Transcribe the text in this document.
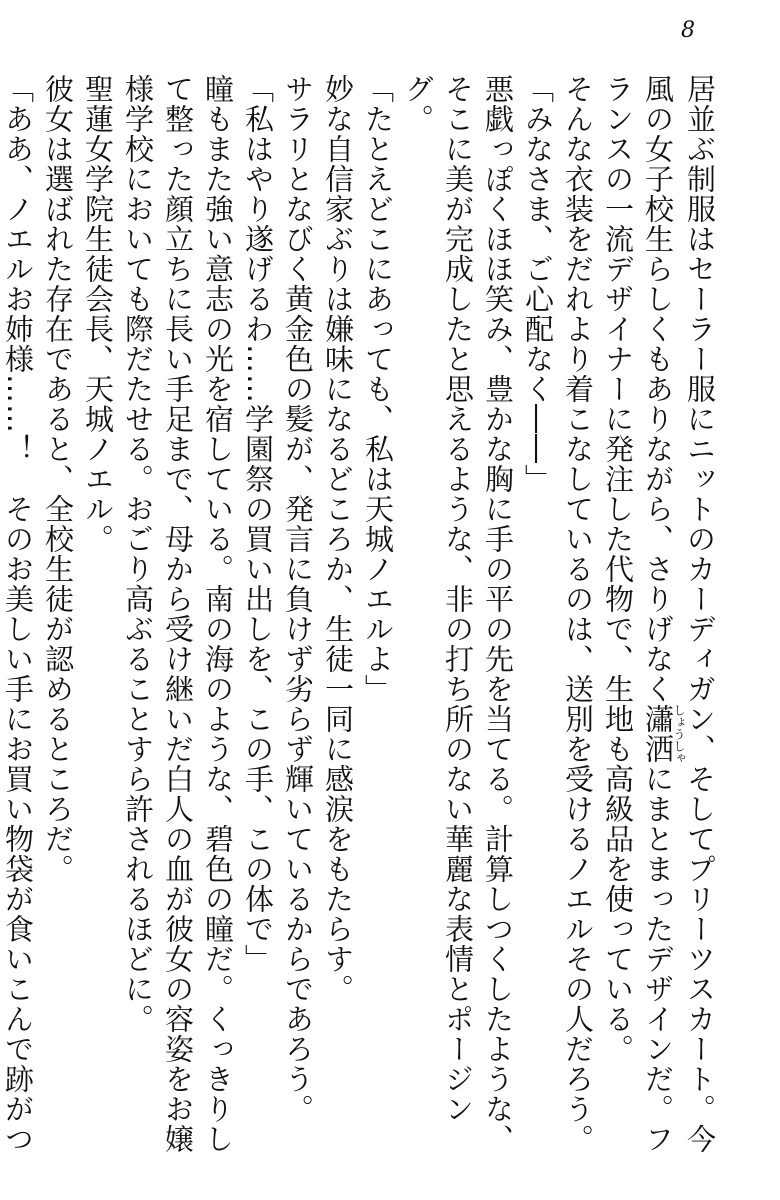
8

居並ぶ制服はセーラー服にニットのカーディガン、そしてプリーツスカート。今風の女子校生らしくもありながら、さりげなく瀟洒しょうしゃにまとまったデザインだ。フランスの一流デザイナーに発注した代物で、生地も高級品を使っている。

そんな衣装をだれより着こなしているのは、送別を受けるノエルその人だろう。

「みなさま、ご心配なく――」

悪戯っぽくほほ笑み、豊かな胸に手の平の先を当てる。計算しつくしたような、そこに美が完成したと思えるような、非の打ち所のない華麗な表情とポージング。

「たとえどこにあっても、私は天城ノエルよ」

妙な自信家ぶりは嫌味になるどころか、生徒一同に感涙をもたらす。

サラリとなびく黄金色の髪が、発言に負けず劣らず輝いているからであろう。

「私はやり遂げるわ……学園祭の買い出しを、この手、この体で」

瞳もまた強い意志の光を宿している。南の海のような、碧色の瞳だ。くっきりして整った顔立ちに長い手足まで、母から受け継いだ白人の血が彼女の容姿をお嬢様学校においても際だたせる。おごり高ぶることすら許されるほどに。

聖蓮女学院生徒会長、天城ノエル。

彼女は選ばれた存在であると、全校生徒が認めるところだ。

「ああ、ノエルお姉様……！　そのお美しい手にお買い物袋が食いこんで跡がつ
